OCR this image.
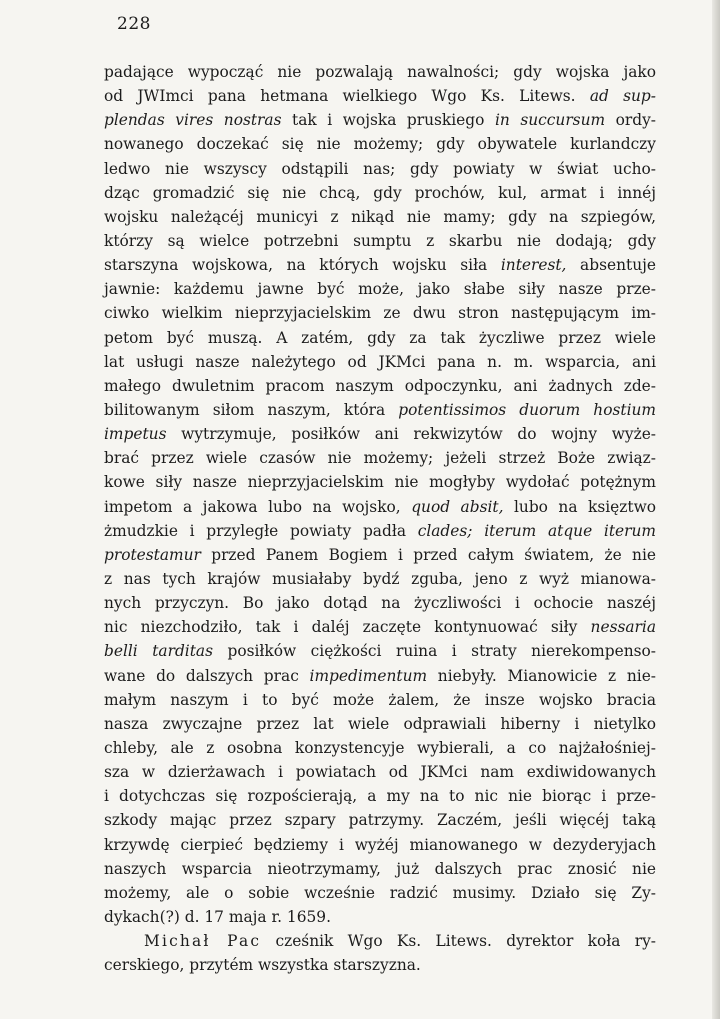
228
padające wypocząć nie pozwalają nawalności; gdy wojska jako
od JWImci pana hetmana wielkiego Wgo Ks. Litews. ad sup-
plendas vires nostras tak i wojska pruskiego in succursum ordy-
nowanego doczekać się nie możemy; gdy obywatele kurlandczy
ledwo nie wszyscy odstąpili nas; gdy powiaty w świat ucho-
dząc gromadzić się nie chcą, gdy prochów, kul, armat i innéj
wojsku należącéj municyi z nikąd nie mamy; gdy na szpiegów,
którzy są wielce potrzebni sumptu z skarbu nie dodają; gdy
starszyna wojskowa, na których wojsku siła interest, absentuje
jawnie: każdemu jawne być może, jako słabe siły nasze prze-
ciwko wielkim nieprzyjacielskim ze dwu stron następującym im-
petom być muszą. A zatém, gdy za tak życzliwe przez wiele
lat usługi nasze należytego od JKMci pana n. m. wsparcia, ani
małego dwuletnim pracom naszym odpoczynku, ani żadnych zde-
bilitowanym siłom naszym, która potentissimos duorum hostium
impetus wytrzymuje, posiłków ani rekwizytów do wojny wyże-
brać przez wiele czasów nie możemy; jeżeli strzeż Boże związ-
kowe siły nasze nieprzyjacielskim nie mogłyby wydołać potężnym
impetom a jakowa lubo na wojsko, quod absit, lubo na księztwo
żmudzkie i przyległe powiaty padła clades; iterum atque iterum
protestamur przed Panem Bogiem i przed całym światem, że nie
z nas tych krajów musiałaby bydź zguba, jeno z wyż mianowa-
nych przyczyn. Bo jako dotąd na życzliwości i ochocie naszéj
nic niezchodziło, tak i daléj zaczęte kontynuować siły nessaria
belli tarditas posiłków ciężkości ruina i straty nierekompenso-
wane do dalszych prac impedimentum niebyły. Mianowicie z nie-
małym naszym i to być może żalem, że insze wojsko bracia
nasza zwyczajne przez lat wiele odprawiali hiberny i nietylko
chleby, ale z osobna konzystencyje wybierali, a co najżałośniej-
sza w dzierżawach i powiatach od JKMci nam exdiwidowanych
i dotychczas się rozpościerają, a my na to nic nie biorąc i prze-
szkody mając przez szpary patrzymy. Zaczém, jeśli więcéj taką
krzywdę cierpieć będziemy i wyżéj mianowanego w dezyderyjach
naszych wsparcia nieotrzymamy, już dalszych prac znosić nie
możemy, ale o sobie wcześnie radzić musimy. Działo się Zy-
dykach(?) d. 17 maja r. 1659.
Michał Pac cześnik Wgo Ks. Litews. dyrektor koła ry-
cerskiego, przytém wszystka starszyzna.
